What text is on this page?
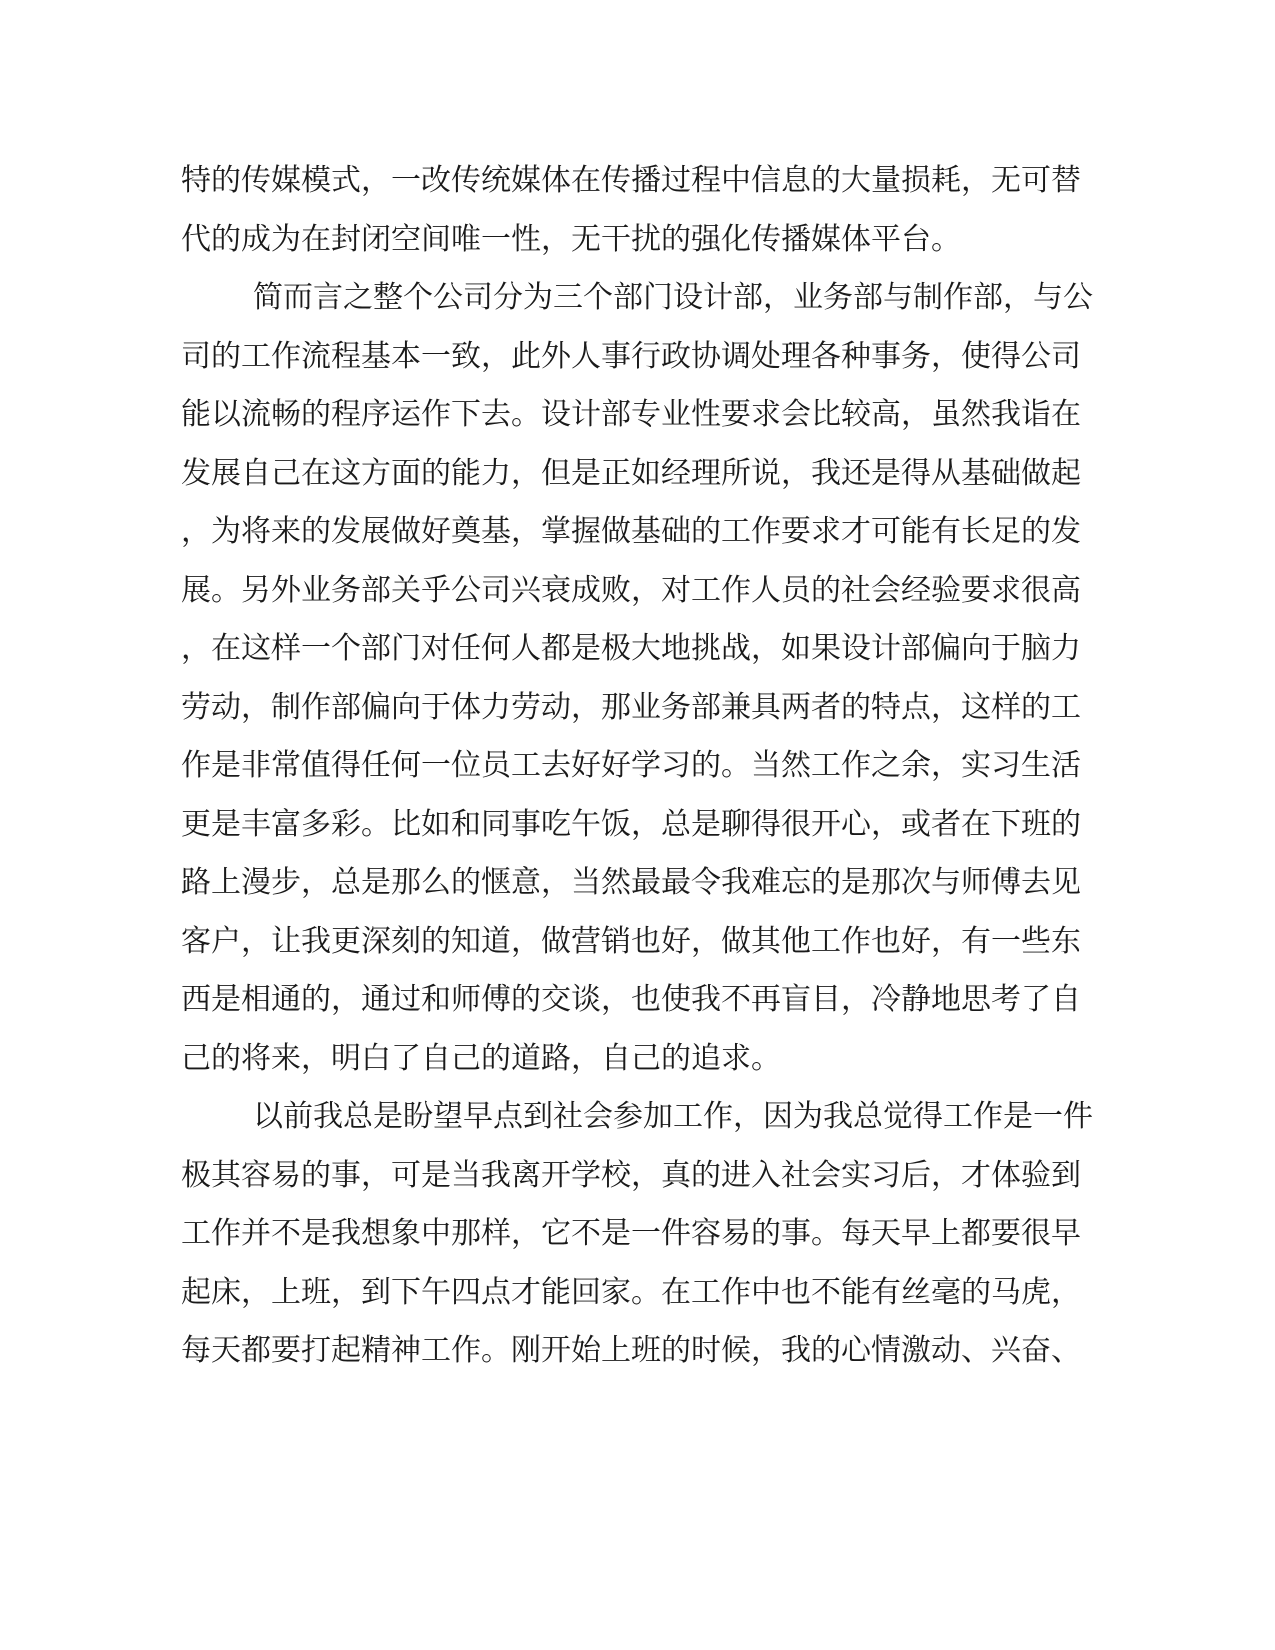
特的传媒模式，一改传统媒体在传播过程中信息的大量损耗，无可替
代的成为在封闭空间唯一性，无干扰的强化传播媒体平台。
简而言之整个公司分为三个部门设计部，业务部与制作部，与公
司的工作流程基本一致，此外人事行政协调处理各种事务，使得公司
能以流畅的程序运作下去。设计部专业性要求会比较高，虽然我诣在
发展自己在这方面的能力，但是正如经理所说，我还是得从基础做起
，为将来的发展做好奠基，掌握做基础的工作要求才可能有长足的发
展。另外业务部关乎公司兴衰成败，对工作人员的社会经验要求很高
，在这样一个部门对任何人都是极大地挑战，如果设计部偏向于脑力
劳动，制作部偏向于体力劳动，那业务部兼具两者的特点，这样的工
作是非常值得任何一位员工去好好学习的。当然工作之余，实习生活
更是丰富多彩。比如和同事吃午饭，总是聊得很开心，或者在下班的
路上漫步，总是那么的惬意，当然最最令我难忘的是那次与师傅去见
客户，让我更深刻的知道，做营销也好，做其他工作也好，有一些东
西是相通的，通过和师傅的交谈，也使我不再盲目，冷静地思考了自
己的将来，明白了自己的道路，自己的追求。
以前我总是盼望早点到社会参加工作，因为我总觉得工作是一件
极其容易的事，可是当我离开学校，真的进入社会实习后，才体验到
工作并不是我想象中那样，它不是一件容易的事。每天早上都要很早
起床，上班，到下午四点才能回家。在工作中也不能有丝毫的马虎，
每天都要打起精神工作。刚开始上班的时候，我的心情激动、兴奋、
